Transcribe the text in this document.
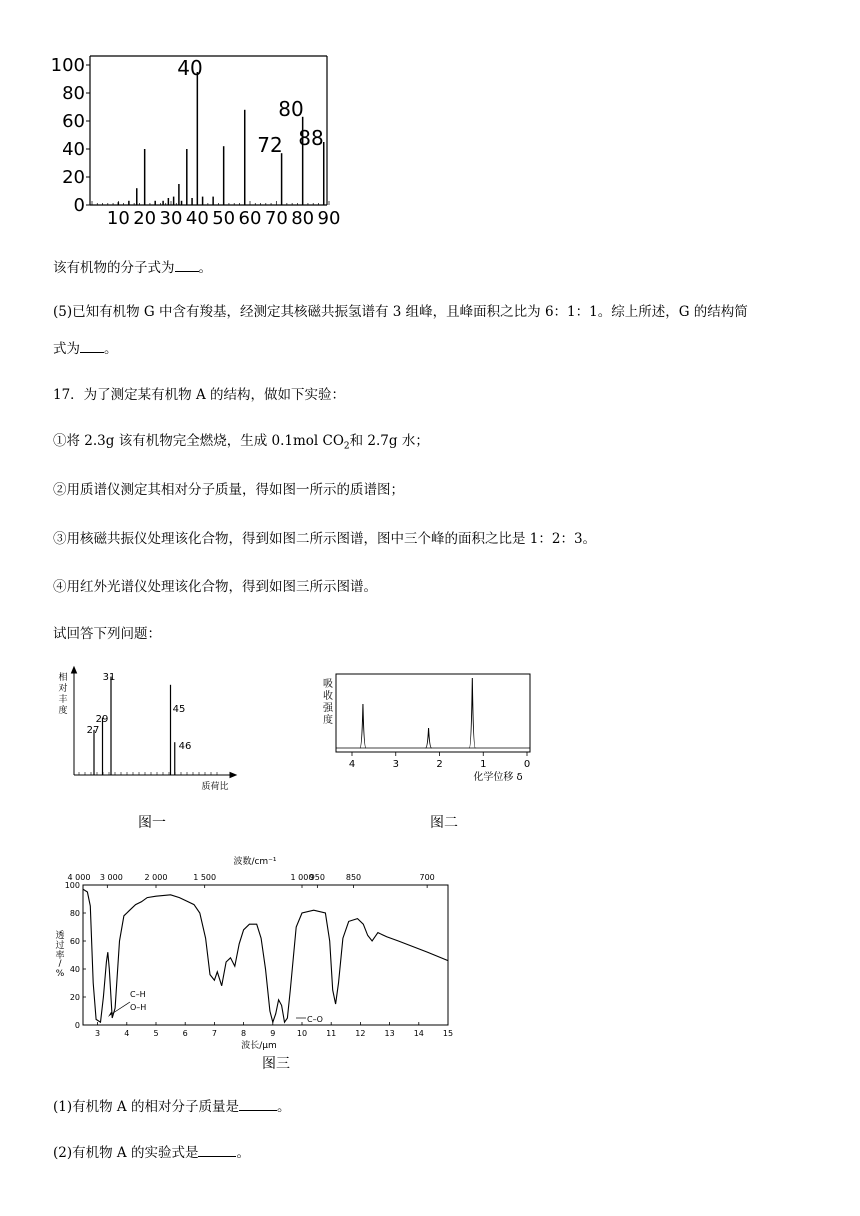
100
80
60
40
20
0
10 20 30 40 50 60 70 80 90
40
72
80
88
该有机物的分子式为 。
(5)已知有机物 G 中含有羧基，经测定其核磁共振氢谱有 3 组峰，且峰面积之比为 6：1：1。综上所述，G 的结构简
式为 。
17．为了测定某有机物 A 的结构，做如下实验：
①将 2.3g 该有机物完全燃烧，生成 0.1mol $CO_2$和 2.7g 水；
②用质谱仪测定其相对分子质量，得如图一所示的质谱图；
③用核磁共振仪处理该化合物，得到如图二所示图谱，图中三个峰的面积之比是 1：2：3。
④用红外光谱仪处理该化合物，得到如图三所示图谱。
试回答下列问题：
相
对
丰
度
27
29
31
45
46
质荷比
图一
吸
收
强
度
4	3	2	1	0
化学位移 δ
图二
波数/cm⁻¹
4 000 3 000	2 000	1 500	1 000
950	850	700
100
80
60
40
20
0
透
过
率
/
%
3	4	5	6	7	8	9	10 11 12 13 14 15
C–H
O–H
C–O
波长/μm
图三
(1)有机物 A 的相对分子质量是	。
(2)有机物 A 的实验式是	。
